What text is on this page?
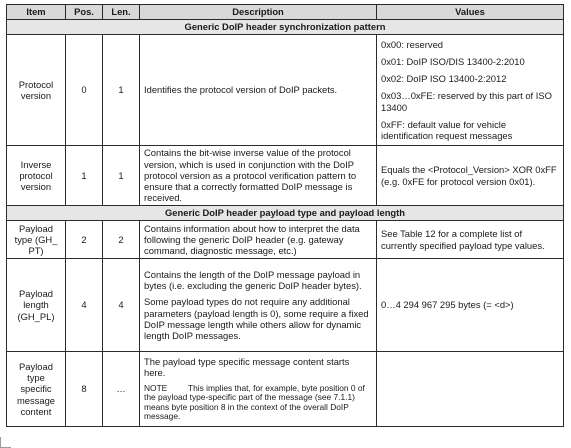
Item	Pos.	Len.	Description	Values
Generic DoIP header synchronization pattern				
Protocol version	0	1	Identifies the protocol version of DoIP packets.	0x00: reserved
0x01: DoIP ISO/DIS 13400-2:2010
0x02: DoIP ISO 13400-2:2012
0x03…0xFE: reserved by this part of ISO 13400
0xFF: default value for vehicle identification request messages

Inverse protocol version	1	1	Contains the bit-wise inverse value of the protocol version, which is used in conjunction with the DoIP protocol version as a protocol verification pattern to ensure that a correctly formatted DoIP message is received.	Equals the <Protocol_Version> XOR 0xFF (e.g. 0xFE for protocol version 0x01).

Generic DoIP header payload type and payload length				
Payload type (GH_ PT)	2	2	Contains information about how to interpret the data following the generic DoIP header (e.g. gateway command, diagnostic message, etc.)	See Table 12 for a complete list of currently specified payload type values.

Payload length (GH_PL)	4	4	Contains the length of the DoIP message payload in bytes (i.e. excluding the generic DoIP header bytes).
Some payload types do not require any additional parameters (payload length is 0), some require a fixed DoIP message length while others allow for dynamic length DoIP messages.	0…4 294 967 295 bytes (= <d>)

Payload type specific message content	8	…	The payload type specific message content starts here.
NOTE This implies that, for example, byte position 0 of the payload type-specific part of the message (see 7.1.1) means byte position 8 in the context of the overall DoIP message.	
